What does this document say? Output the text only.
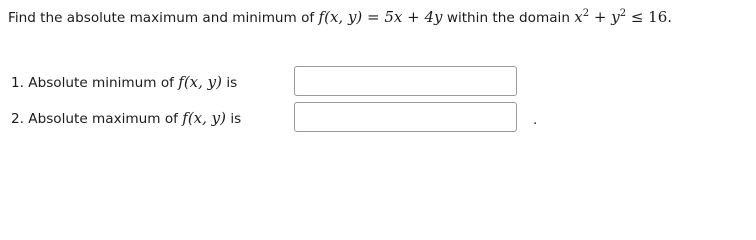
Find the absolute maximum and minimum of f(x, y) = 5x + 4y within the domain $x^2 + y^2 \le 16$.
1. Absolute minimum of f(x, y) is
2. Absolute maximum of f(x, y) is	.
